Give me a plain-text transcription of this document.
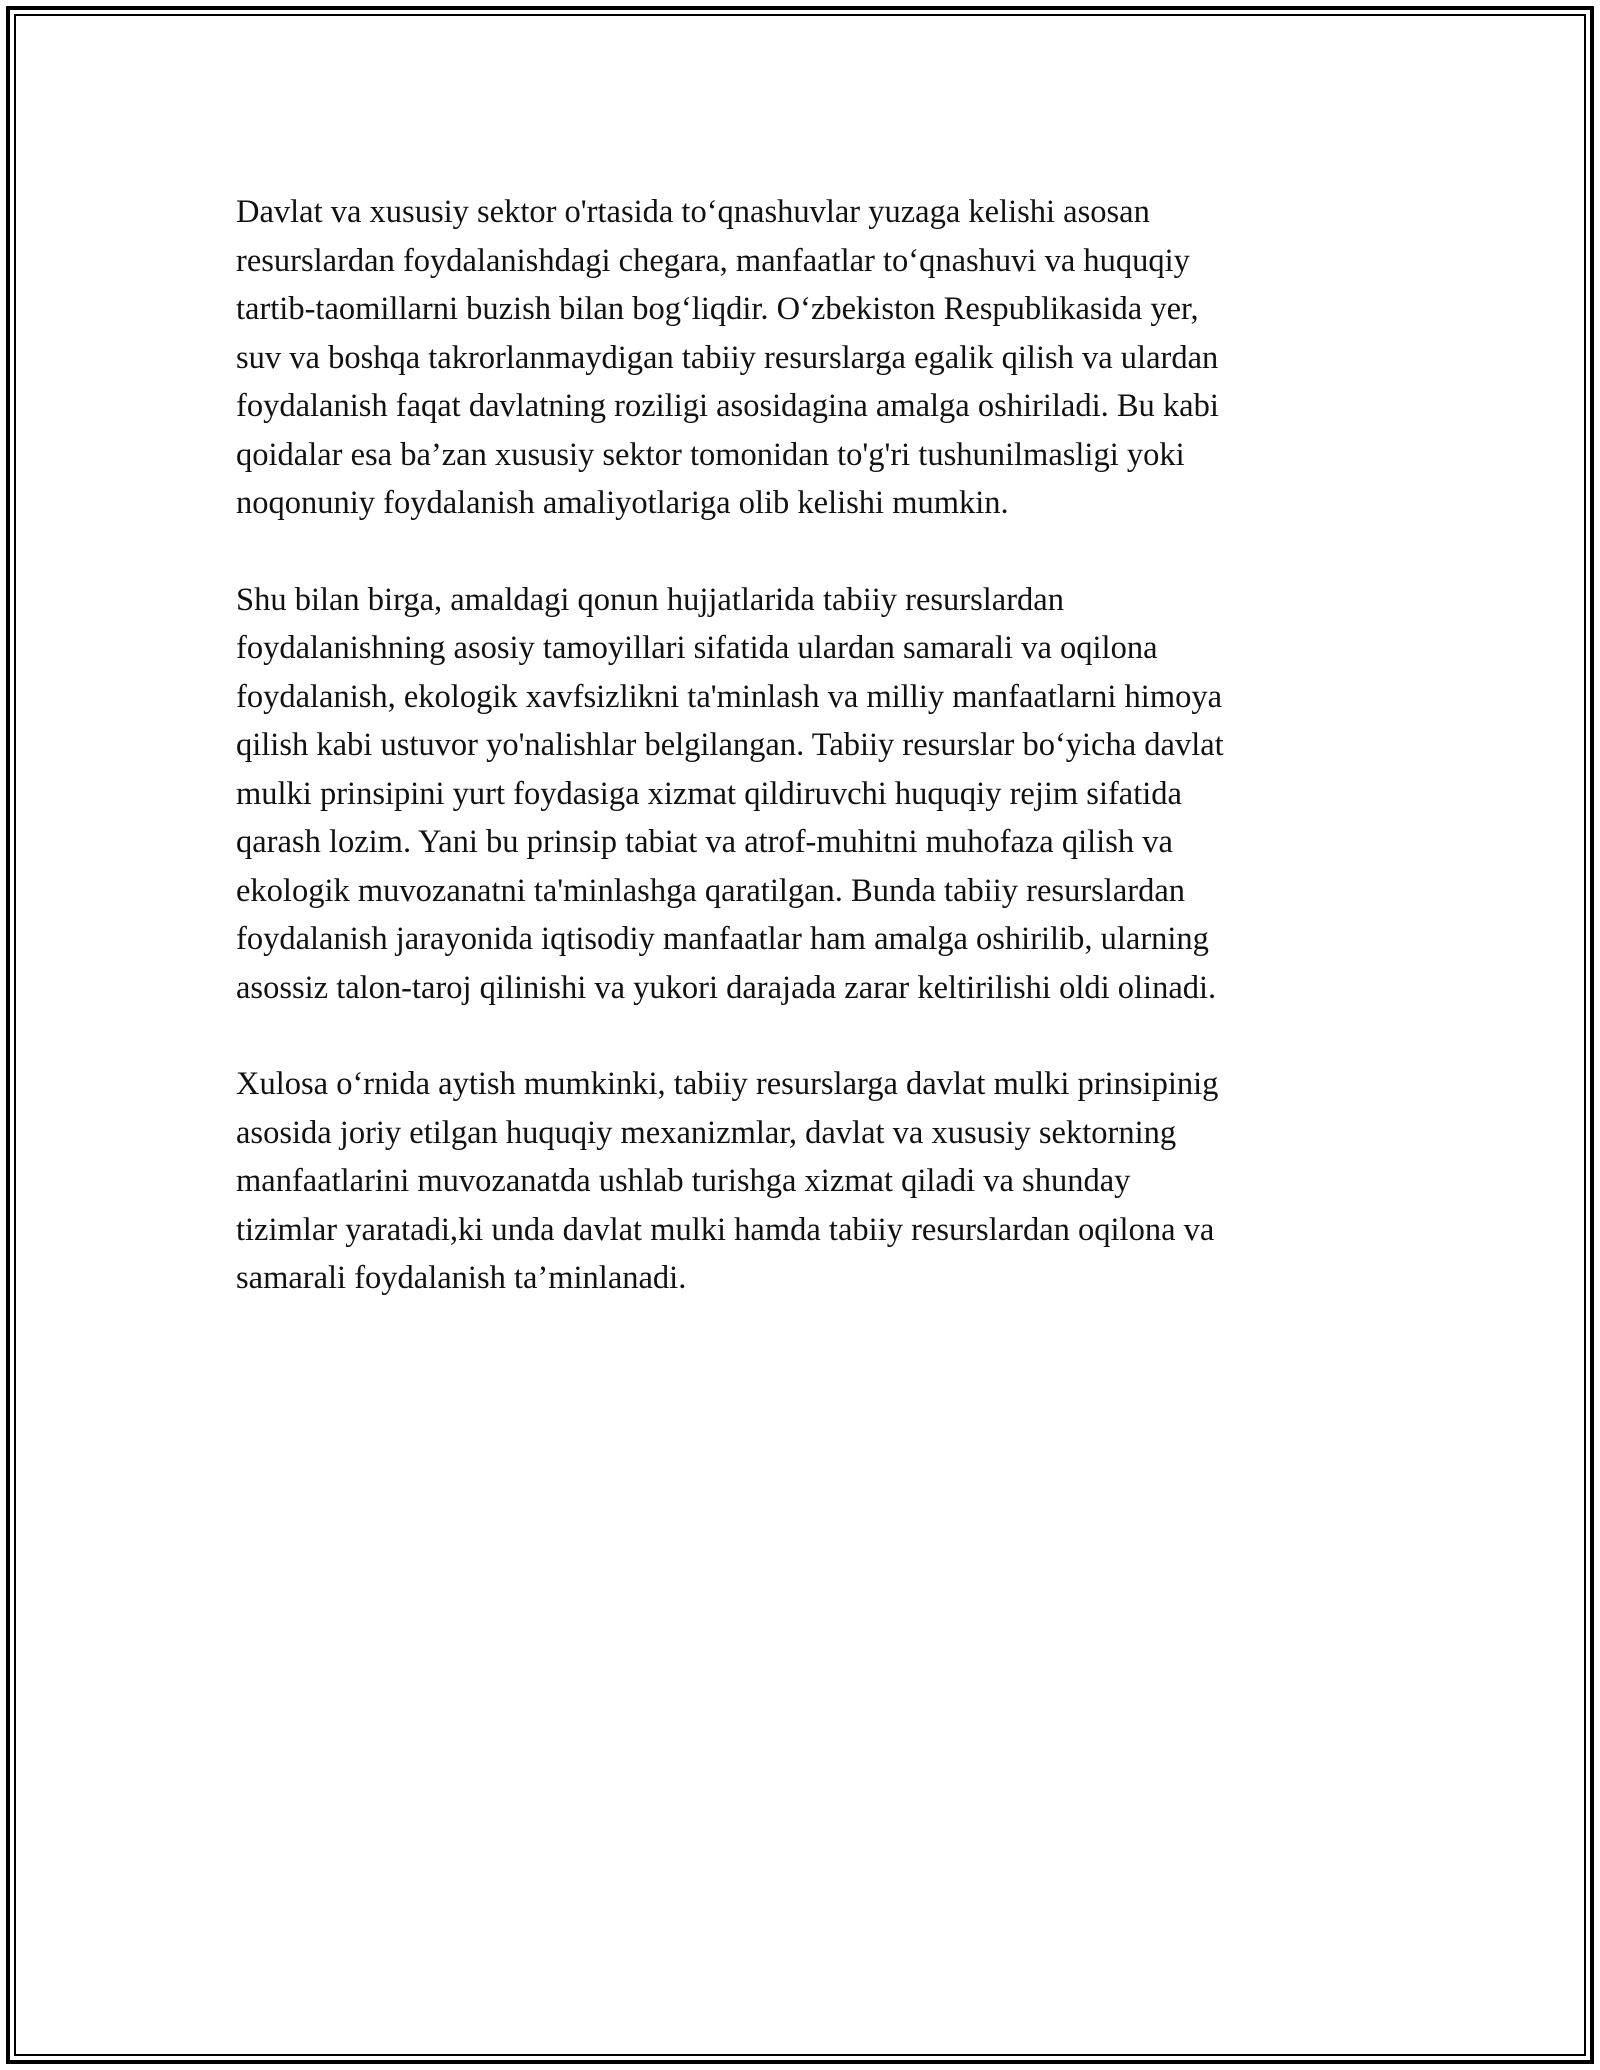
Davlat va xususiy sektor o'rtasida to‘qnashuvlar yuzaga kelishi asosan
resurslardan foydalanishdagi chegara, manfaatlar to‘qnashuvi va huquqiy
tartib-taomillarni buzish bilan bog‘liqdir. O‘zbekiston Respublikasida yer,
suv va boshqa takrorlanmaydigan tabiiy resurslarga egalik qilish va ulardan
foydalanish faqat davlatning roziligi asosidagina amalga oshiriladi. Bu kabi
qoidalar esa ba’zan xususiy sektor tomonidan to'g'ri tushunilmasligi yoki
noqonuniy foydalanish amaliyotlariga olib kelishi mumkin.

Shu bilan birga, amaldagi qonun hujjatlarida tabiiy resurslardan
foydalanishning asosiy tamoyillari sifatida ulardan samarali va oqilona
foydalanish, ekologik xavfsizlikni ta'minlash va milliy manfaatlarni himoya
qilish kabi ustuvor yo'nalishlar belgilangan. Tabiiy resurslar bo‘yicha davlat
mulki prinsipini yurt foydasiga xizmat qildiruvchi huquqiy rejim sifatida
qarash lozim. Yani bu prinsip tabiat va atrof-muhitni muhofaza qilish va
ekologik muvozanatni ta'minlashga qaratilgan. Bunda tabiiy resurslardan
foydalanish jarayonida iqtisodiy manfaatlar ham amalga oshirilib, ularning
asossiz talon-taroj qilinishi va yukori darajada zarar keltirilishi oldi olinadi.

Xulosa o‘rnida aytish mumkinki, tabiiy resurslarga davlat mulki prinsipinig
asosida joriy etilgan huquqiy mexanizmlar, davlat va xususiy sektorning
manfaatlarini muvozanatda ushlab turishga xizmat qiladi va shunday
tizimlar yaratadi,ki unda davlat mulki hamda tabiiy resurslardan oqilona va
samarali foydalanish ta’minlanadi.
